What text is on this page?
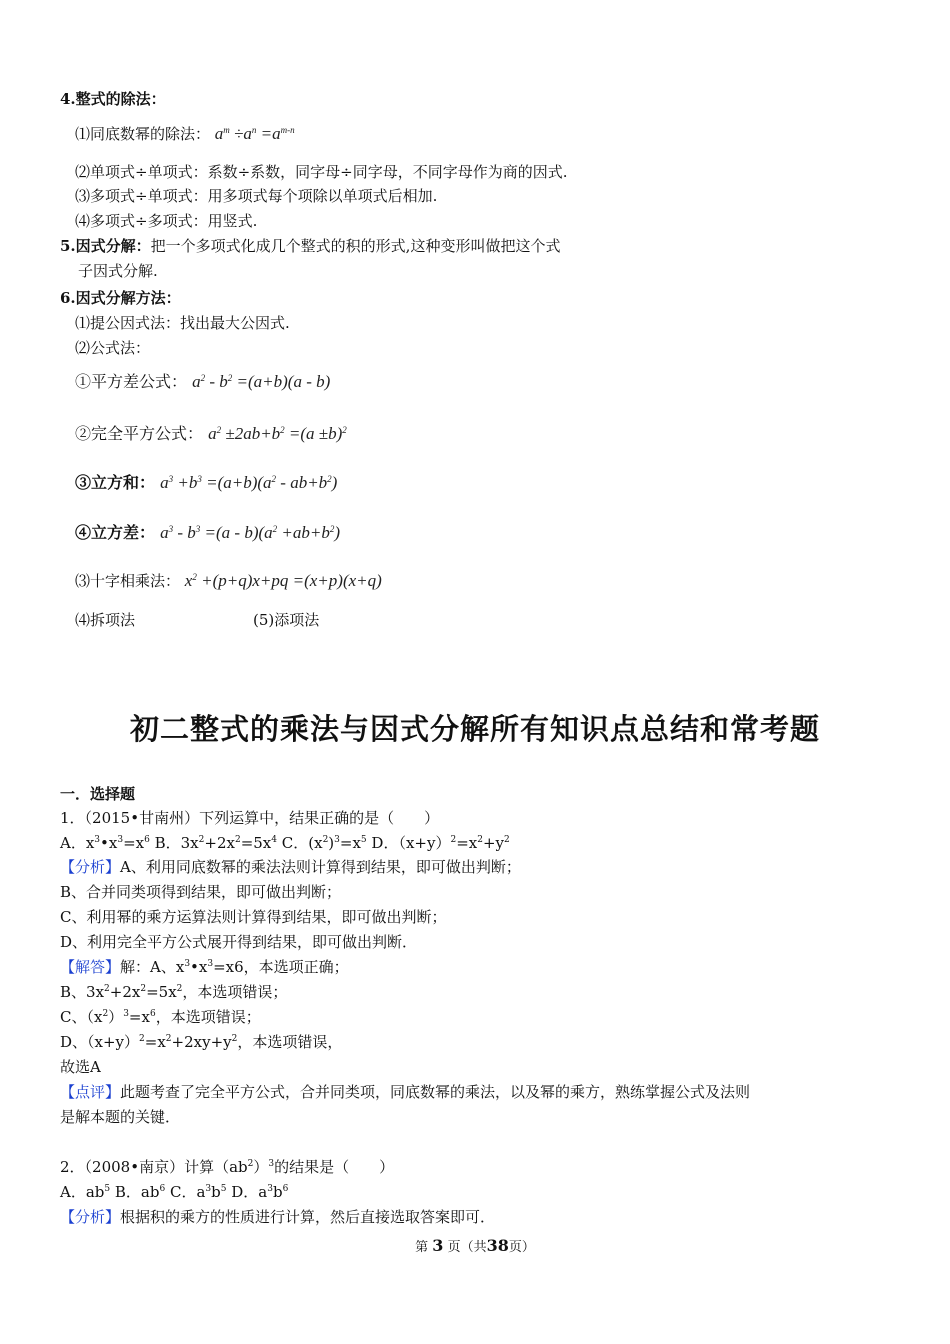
4.整式的除法：
⑴同底数幂的除法： $a^m \div a^n =a^{m-n}$
⑵单项式÷单项式：系数÷系数，同字母÷同字母，不同字母作为商的因式.
⑶多项式÷单项式：用多项式每个项除以单项式后相加.
⑷多项式÷多项式：用竖式.
5.因式分解：把一个多项式化成几个整式的积的形式,这种变形叫做把这个式
子因式分解.
6.因式分解方法：
⑴提公因式法：找出最大公因式.
⑵公式法：
①平方差公式： $a^2 - b^2 =(a+b)(a - b)$
②完全平方公式： $a^2 \pm 2ab+b^2 =(a \pm b)^2$
③立方和： $a^3 +b^3 =(a+b)(a^2 - ab+b^2)$
④立方差： $a^3 - b^3 =(a - b)(a^2 +ab+b^2)$
⑶十字相乘法： $x^2 +(p+q)x+pq =(x+p)(x+q)$
⑷拆项法	(5)添项法
初二整式的乘法与因式分解所有知识点总结和常考题
一．选择题
1．（2015•甘南州）下列运算中，结果正确的是（　　）
A．$x^3•x^3=x^6$ B．$3x^2+2x^2=5x^4$ C．$(x^2)^3=x^5$ D．$(x+y)^2=x^2+y^2$
【分析】A、利用同底数幂的乘法法则计算得到结果，即可做出判断；
B、合并同类项得到结果，即可做出判断；
C、利用幂的乘方运算法则计算得到结果，即可做出判断；
D、利用完全平方公式展开得到结果，即可做出判断．
【解答】解：A、$x^3•x^3=x6$，本选项正确；
B、$3x^2+2x^2=5x^2$，本选项错误；
C、$(x^2)^3=x^6$，本选项错误；
D、$(x+y)^2=x^2+2xy+y^2$，本选项错误，
故选A
【点评】此题考查了完全平方公式，合并同类项，同底数幂的乘法，以及幂的乘方，熟练掌握公式及法则
是解本题的关键．
2．（2008•南京）计算$(ab^2)^3$的结果是（　　）
A．$ab^5$ B．$ab^6$ C．$a^3b^5$ D．$a^3b^6$
【分析】根据积的乘方的性质进行计算，然后直接选取答案即可．
第 3 页（共38页）
